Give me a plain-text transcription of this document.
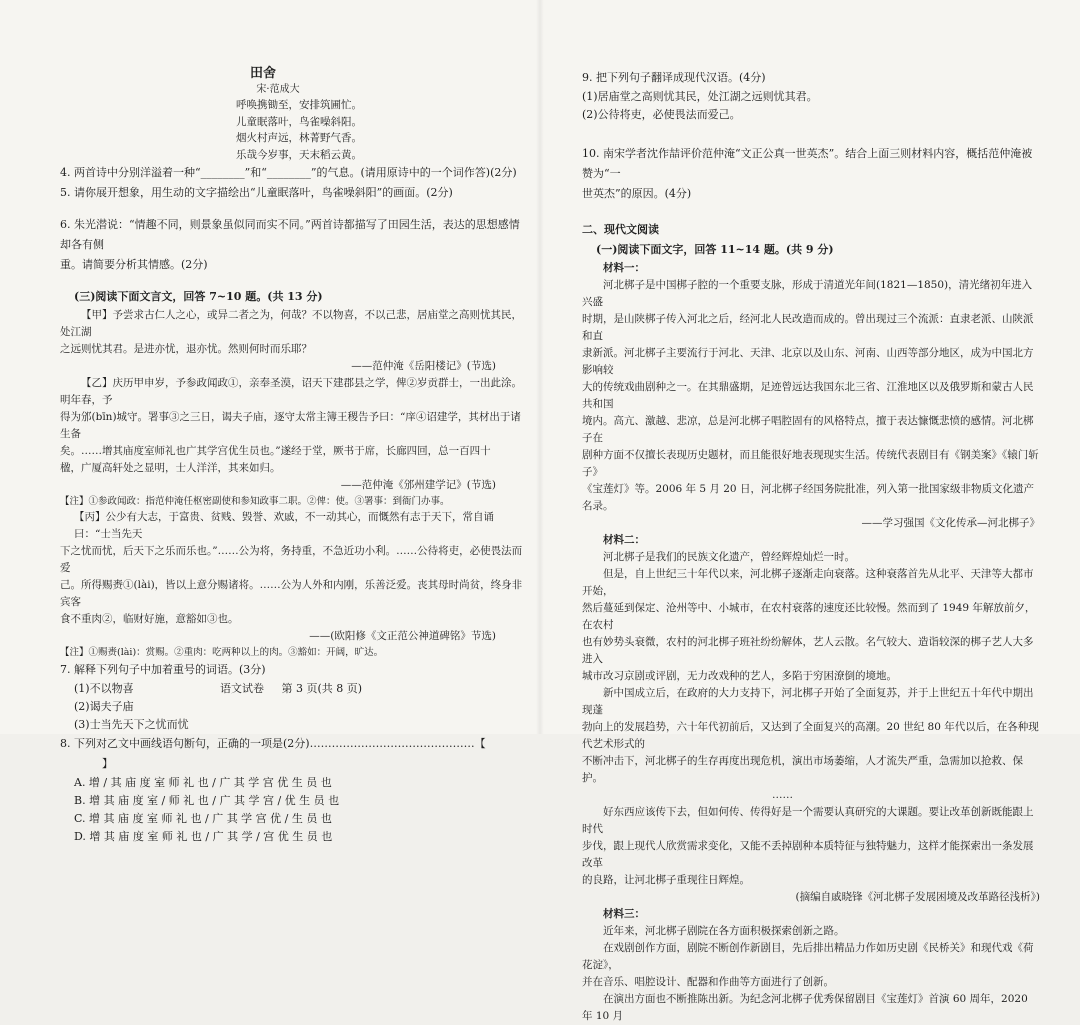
田舍

宋·范成大

呼唤携锄至，安排筑圃忙。

儿童眠落叶，鸟雀噪斜阳。

烟火村声远，林菁野气香。

乐哉今岁事，天末稻云黄。

4. 两首诗中分别洋溢着一种“________”和“________”的气息。(请用原诗中的一个词作答)(2分)

5. 请你展开想象，用生动的文字描绘出“儿童眠落叶，鸟雀噪斜阳”的画面。(2分)

6. 朱光潜说：“情趣不同，则景象虽似同而实不同。”两首诗都描写了田园生活，表达的思想感情却各有侧

重。请简要分析其情感。(2分)

(三)阅读下面文言文，回答 7~10 题。(共 13 分)

【甲】予尝求古仁人之心，或异二者之为，何哉？不以物喜，不以己悲，居庙堂之高则忧其民，处江湖

之远则忧其君。是进亦忧，退亦忧。然则何时而乐耶？

——范仲淹《岳阳楼记》(节选)

【乙】庆历甲申岁，予参政闻政①，亲奉圣漠，诏天下建郡县之学，俾②岁贡群士，一出此涂。明年春，予

得为邠(bīn)城守。署事③之三日，谒夫子庙，逐守太常主簿王稷告予曰：“庠④诏建学，其材出于诸生备

矣。……增其庙度室师礼也广其学宫优生员也。”遂经于堂，厥书于席，长廊四回，总一百四十

楹，广厦高轩处之显明，士人洋洋，其来如归。

——范仲淹《邠州建学记》(节选)

【注】①参政闻政：指范仲淹任枢密副使和参知政事二职。②俾：使。③署事：到衙门办事。

【丙】公少有大志，于富贵、贫贱、毁誉、欢戚，不一动其心，而慨然有志于天下，常自诵曰：“士当先天

下之忧而忧，后天下之乐而乐也。”……公为将，务持重，不急近功小利。……公待将吏，必使畏法而爱

己。所得赐赉①(lài)，皆以上意分赐诸将。……公为人外和内刚，乐善泛爱。丧其母时尚贫，终身非宾客

食不重肉②，临财好施，意豁如③也。

——(欧阳修《文正范公神道碑铭》节选)

【注】①赐赉(lài)：赏赐。②重肉：吃两种以上的肉。③豁如：开阔，旷达。

7. 解释下列句子中加着重号的词语。(3分)

(1)不以物喜

(2)谒夫子庙

(3)士当先天下之忧而忧

8. 下列对乙文中画线语句断句，正确的一项是(2分)………………………………………【】

A. 增 / 其 庙 度 室 师 礼 也 / 广 其 学 宫 优 生 员 也

B. 增 其 庙 度 室 / 师 礼 也 / 广 其 学 宫 / 优 生 员 也

C. 增 其 庙 度 室 师 礼 也 / 广 其 学 宫 优 / 生 员 也

D. 增 其 庙 度 室 师 礼 也 / 广 其 学 / 宫 优 生 员 也

语文试卷 第 3 页(共 8 页)

9. 把下列句子翻译成现代汉语。(4分)

(1)居庙堂之高则忧其民，处江湖之远则忧其君。

(2)公待将吏，必使畏法而爱己。

10. 南宋学者沈作喆评价范仲淹“文正公真一世英杰”。结合上面三则材料内容，概括范仲淹被赞为“一

世英杰”的原因。(4分)

二、现代文阅读

(一)阅读下面文字，回答 11~14 题。(共 9 分)

材料一：

河北梆子是中国梆子腔的一个重要支脉，形成于清道光年间(1821—1850)，清光绪初年进入兴盛

时期，是山陕梆子传入河北之后，经河北人民改造而成的。曾出现过三个流派：直隶老派、山陕派和直

隶新派。河北梆子主要流行于河北、天津、北京以及山东、河南、山西等部分地区，成为中国北方影响较

大的传统戏曲剧种之一。在其鼎盛期，足迹曾远达我国东北三省、江淮地区以及俄罗斯和蒙古人民共和国

境内。高亢、激越、悲凉，总是河北梆子唱腔固有的风格特点，擅于表达慷慨悲愤的感情。河北梆子在

剧种方面不仅擅长表现历史题材，而且能很好地表现现实生活。传统代表剧目有《钢美案》《辕门斩子》

《宝莲灯》等。2006 年 5 月 20 日，河北梆子经国务院批准，列入第一批国家级非物质文化遗产名录。

——学习强国《文化传承—河北梆子》

材料二：

河北梆子是我们的民族文化遗产，曾经辉煌灿烂一时。

但是，自上世纪三十年代以来，河北梆子逐渐走向衰落。这种衰落首先从北平、天津等大都市开始，

然后蔓延到保定、沧州等中、小城市，在农村衰落的速度还比较慢。然而到了 1949 年解放前夕，在农村

也有妙势头衰微，农村的河北梆子班社纷纷解体，艺人云散。名气较大、造诣较深的梆子艺人大多进入

城市改习京剧或评剧，无力改戏种的艺人，多陷于穷困潦倒的境地。

新中国成立后，在政府的大力支持下，河北梆子开始了全面复苏，并于上世纪五十年代中期出现蓬

勃向上的发展趋势，六十年代初前后，又达到了全面复兴的高潮。20 世纪 80 年代以后，在各种现代艺术形式的

不断冲击下，河北梆子的生存再度出现危机，演出市场萎缩，人才流失严重，急需加以抢救、保护。

……

好东西应该传下去，但如何传、传得好是一个需要认真研究的大课题。要让改革创新既能跟上时代

步伐，跟上现代人欣赏需求变化，又能不丢掉剧种本质特征与独特魅力，这样才能探索出一条发展改革

的良路，让河北梆子重现往日辉煌。

(摘编自戚晓锋《河北梆子发展困境及改革路径浅析》)

材料三：

近年来，河北梆子剧院在各方面积极探索创新之路。

在戏剧创作方面，剧院不断创作新剧目，先后排出精品力作如历史剧《民桥关》和现代戏《荷花淀》，

并在音乐、唱腔设计、配器和作曲等方面进行了创新。

在演出方面也不断推陈出新。为纪念河北梆子优秀保留剧目《宝莲灯》首演 60 周年，2020 年 10 月
